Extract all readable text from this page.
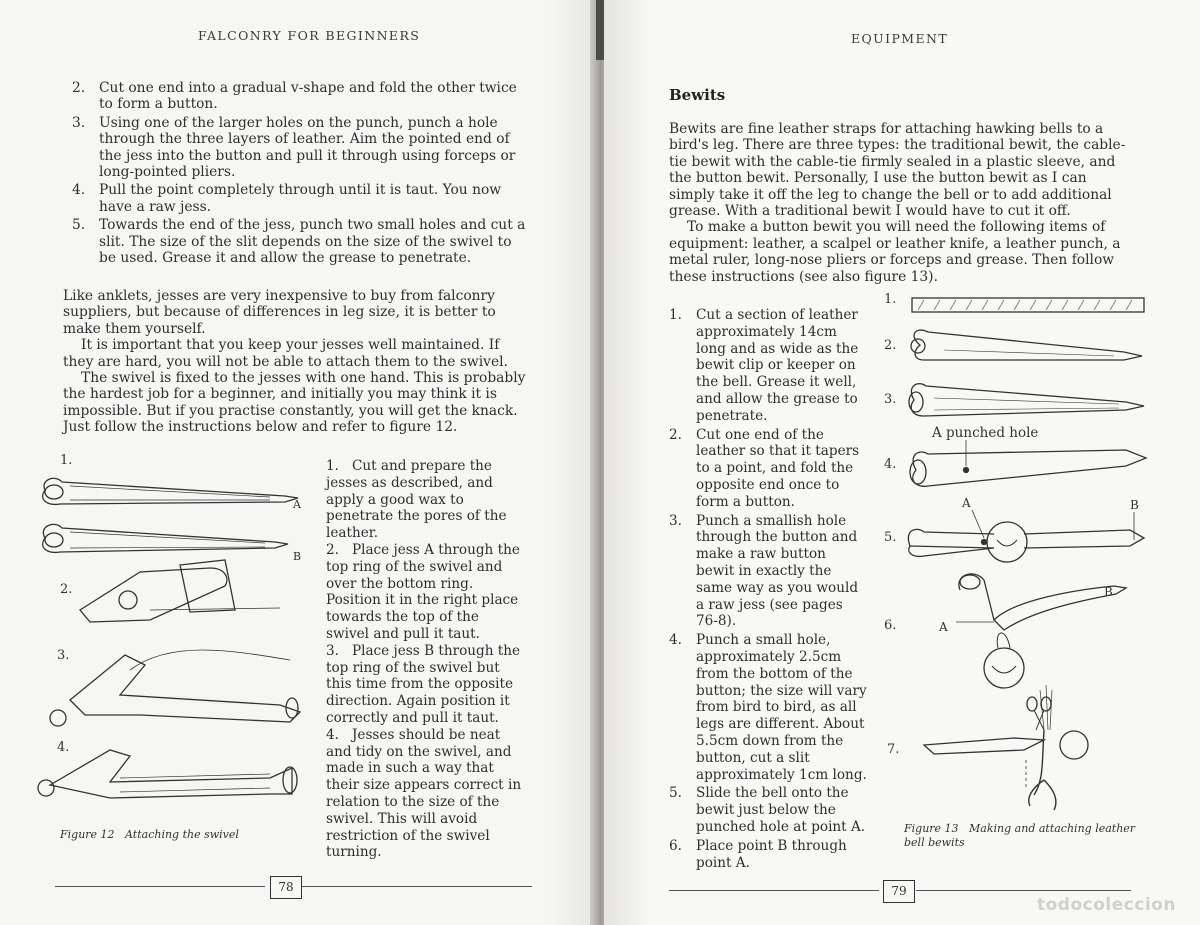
FALCONRY FOR BEGINNERS
2. Cut one end into a gradual v-shape and fold the other twice to form a button.
3. Using one of the larger holes on the punch, punch a hole through the three layers of leather. Aim the pointed end of the jess into the button and pull it through using forceps or long-pointed pliers.
4. Pull the point completely through until it is taut. You now have a raw jess.
5. Towards the end of the jess, punch two small holes and cut a slit. The size of the slit depends on the size of the swivel to be used. Grease it and allow the grease to penetrate.

Like anklets, jesses are very inexpensive to buy from falconry suppliers, but because of differences in leg size, it is better to make them yourself.

It is important that you keep your jesses well maintained. If they are hard, you will not be able to attach them to the swivel.

The swivel is fixed to the jesses with one hand. This is probably the hardest job for a beginner, and initially you may think it is impossible. But if you practise constantly, you will get the knack. Just follow the instructions below and refer to figure 12.

1.
2.
3.
4.
A
B
Figure 12 Attaching the swivel
1. Cut and prepare the jesses as described, and apply a good wax to penetrate the pores of the leather.
2. Place jess A through the top ring of the swivel and over the bottom ring. Position it in the right place towards the top of the swivel and pull it taut.
3. Place jess B through the top ring of the swivel but this time from the opposite direction. Again position it correctly and pull it taut.
4. Jesses should be neat and tidy on the swivel, and made in such a way that their size appears correct in relation to the size of the swivel. This will avoid restriction of the swivel turning.
78
EQUIPMENT
Bewits

Bewits are fine leather straps for attaching hawking bells to a bird's leg. There are three types: the traditional bewit, the cable-tie bewit with the cable-tie firmly sealed in a plastic sleeve, and the button bewit. Personally, I use the button bewit as I can simply take it off the leg to change the bell or to add additional grease. With a traditional bewit I would have to cut it off.

To make a button bewit you will need the following items of equipment: leather, a scalpel or leather knife, a leather punch, a metal ruler, long-nose pliers or forceps and grease. Then follow these instructions (see also figure 13).

1. Cut a section of leather approximately 14cm long and as wide as the bewit clip or keeper on the bell. Grease it well, and allow the grease to penetrate.
2. Cut one end of the leather so that it tapers to a point, and fold the opposite end once to form a button.
3. Punch a smallish hole through the button and make a raw button bewit in exactly the same way as you would a raw jess (see pages 76-8).
4. Punch a small hole, approximately 2.5cm from the bottom of the button; the size will vary from bird to bird, as all legs are different. About 5.5cm down from the button, cut a slit approximately 1cm long.
5. Slide the bell onto the bewit just below the punched hole at point A.
6. Place point B through point A.
1.
2.
3.
A punched hole
4.
A	B
5.
B
6.	A
7.
Figure 13 Making and attaching leather bell bewits
79
todocoleccion
